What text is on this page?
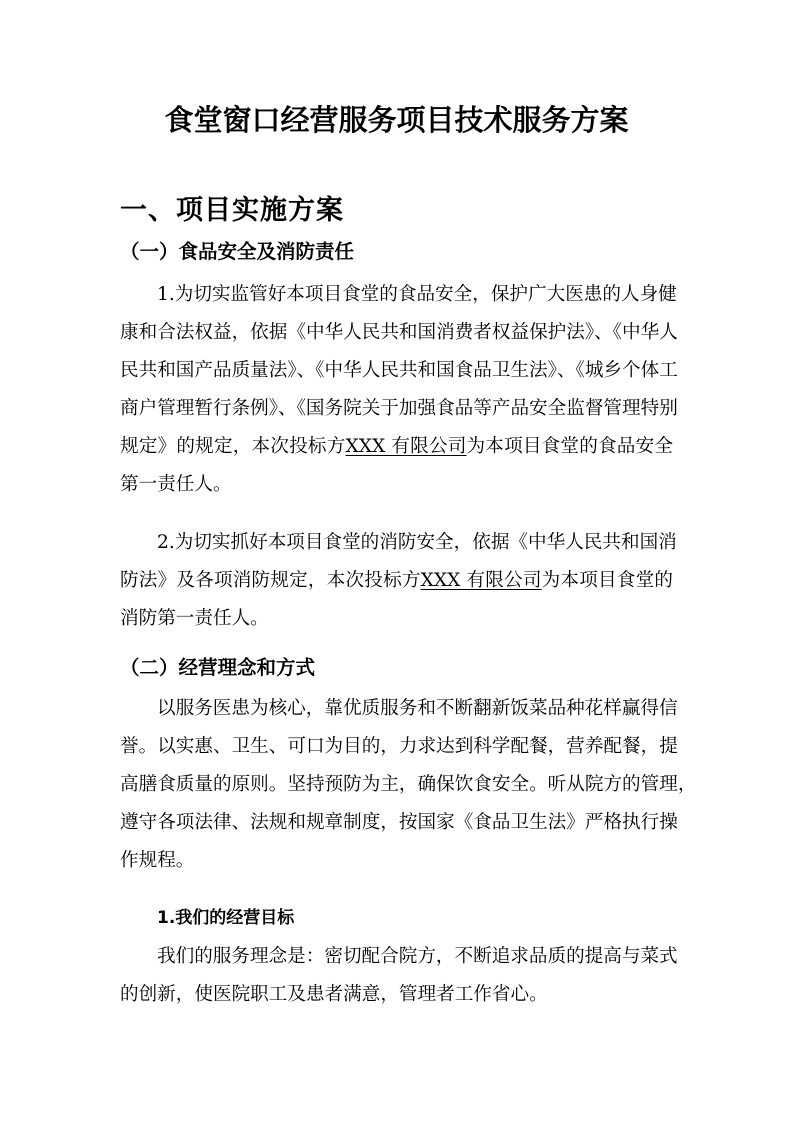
食堂窗口经营服务项目技术服务方案
一、项目实施方案
（一）食品安全及消防责任
1.为切实监管好本项目食堂的食品安全，保护广大医患的人身健
康和合法权益，依据《中华人民共和国消费者权益保护法》、《中华人
民共和国产品质量法》、《中华人民共和国食品卫生法》、《城乡个体工
商户管理暂行条例》、《国务院关于加强食品等产品安全监督管理特别
规定》的规定，本次投标方XXX 有限公司为本项目食堂的食品安全
第一责任人。
2.为切实抓好本项目食堂的消防安全，依据《中华人民共和国消
防法》及各项消防规定，本次投标方XXX 有限公司为本项目食堂的
消防第一责任人。
（二）经营理念和方式
以服务医患为核心，靠优质服务和不断翻新饭菜品种花样赢得信
誉。以实惠、卫生、可口为目的，力求达到科学配餐，营养配餐，提
高膳食质量的原则。坚持预防为主，确保饮食安全。听从院方的管理，
遵守各项法律、法规和规章制度，按国家《食品卫生法》严格执行操
作规程。
1.我们的经营目标
我们的服务理念是：密切配合院方，不断追求品质的提高与菜式
的创新，使医院职工及患者满意，管理者工作省心。
